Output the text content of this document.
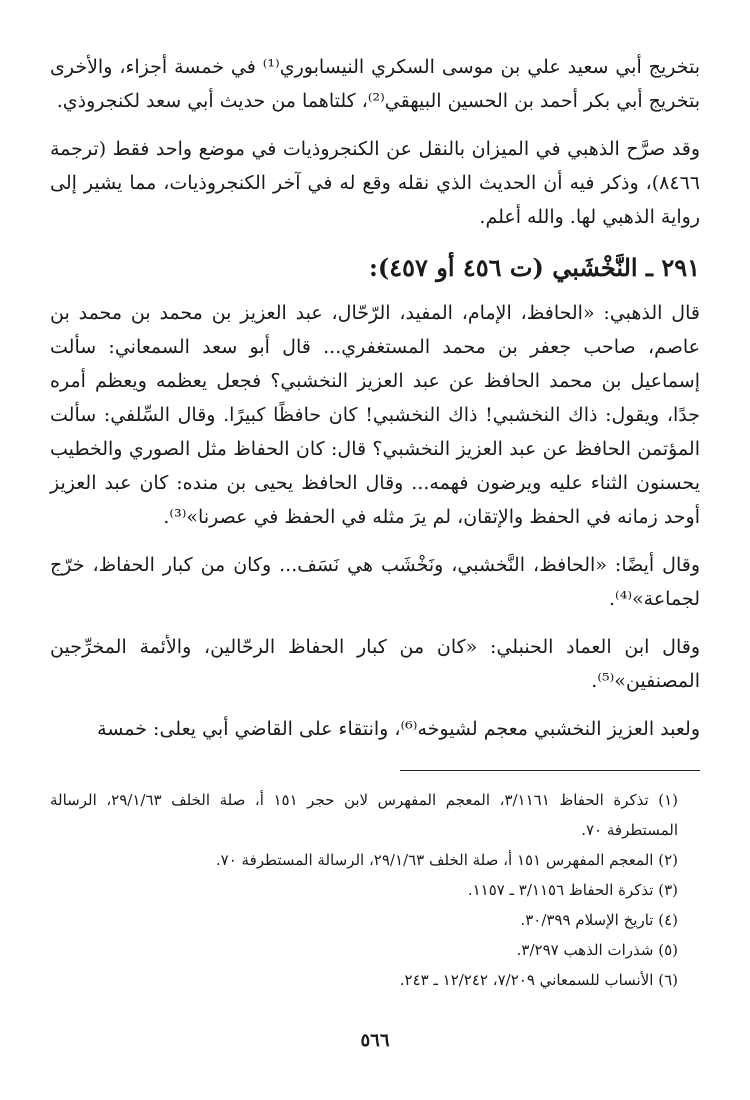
بتخريج أبي سعيد علي بن موسى السكري النيسابوري⁽¹⁾ في خمسة أجزاء، والأخرى بتخريج أبي بكر أحمد بن الحسين البيهقي⁽²⁾، كلتاهما من حديث أبي سعد لكنجروذي.

وقد صرَّح الذهبي في الميزان بالنقل عن الكنجروذيات في موضع واحد فقط (ترجمة ٨٤٦٦)، وذكر فيه أن الحديث الذي نقله وقع له في آخر الكنجروذيات، مما يشير إلى رواية الذهبي لها. والله أعلم.

٢٩١ ـ النَّخْشَبي (ت ٤٥٦ أو ٤٥٧):

قال الذهبي: «الحافظ، الإمام، المفيد، الرّحّال، عبد العزيز بن محمد بن محمد بن عاصم، صاحب جعفر بن محمد المستغفري... قال أبو سعد السمعاني: سألت إسماعيل بن محمد الحافظ عن عبد العزيز النخشبي؟ فجعل يعظمه ويعظم أمره جدًا، ويقول: ذاك النخشبي! ذاك النخشبي! كان حافظًا كبيرًا. وقال السِّلفي: سألت المؤتمن الحافظ عن عبد العزيز النخشبي؟ قال: كان الحفاظ مثل الصوري والخطيب يحسنون الثناء عليه ويرضون فهمه... وقال الحافظ يحيى بن منده: كان عبد العزيز أوحد زمانه في الحفظ والإتقان، لم يرَ مثله في الحفظ في عصرنا»⁽³⁾.

وقال أيضًا: «الحافظ، النَّخشبي، ونَخْشَب هي نَسَف... وكان من كبار الحفاظ، خرّج لجماعة»⁽⁴⁾.

وقال ابن العماد الحنبلي: «كان من كبار الحفاظ الرحّالين، والأئمة المخرِّجين المصنفين»⁽⁵⁾.

ولعبد العزيز النخشبي معجم لشيوخه⁽⁶⁾، وانتقاء على القاضي أبي يعلى: خمسة

(١) تذكرة الحفاظ ٣/١١٦١، المعجم المفهرس لابن حجر ١٥١ أ، صلة الخلف ٢٩/١/٦٣، الرسالة المستطرفة ٧٠.

(٢) المعجم المفهرس ١٥١ أ، صلة الخلف ٢٩/١/٦٣، الرسالة المستطرفة ٧٠.

(٣) تذكرة الحفاظ ٣/١١٥٦ ـ ١١٥٧.

(٤) تاريخ الإسلام ٣٠/٣٩٩.

(٥) شذرات الذهب ٣/٢٩٧.

(٦) الأنساب للسمعاني ٧/٢٠٩، ١٢/٢٤٢ ـ ٢٤٣.

٥٦٦
